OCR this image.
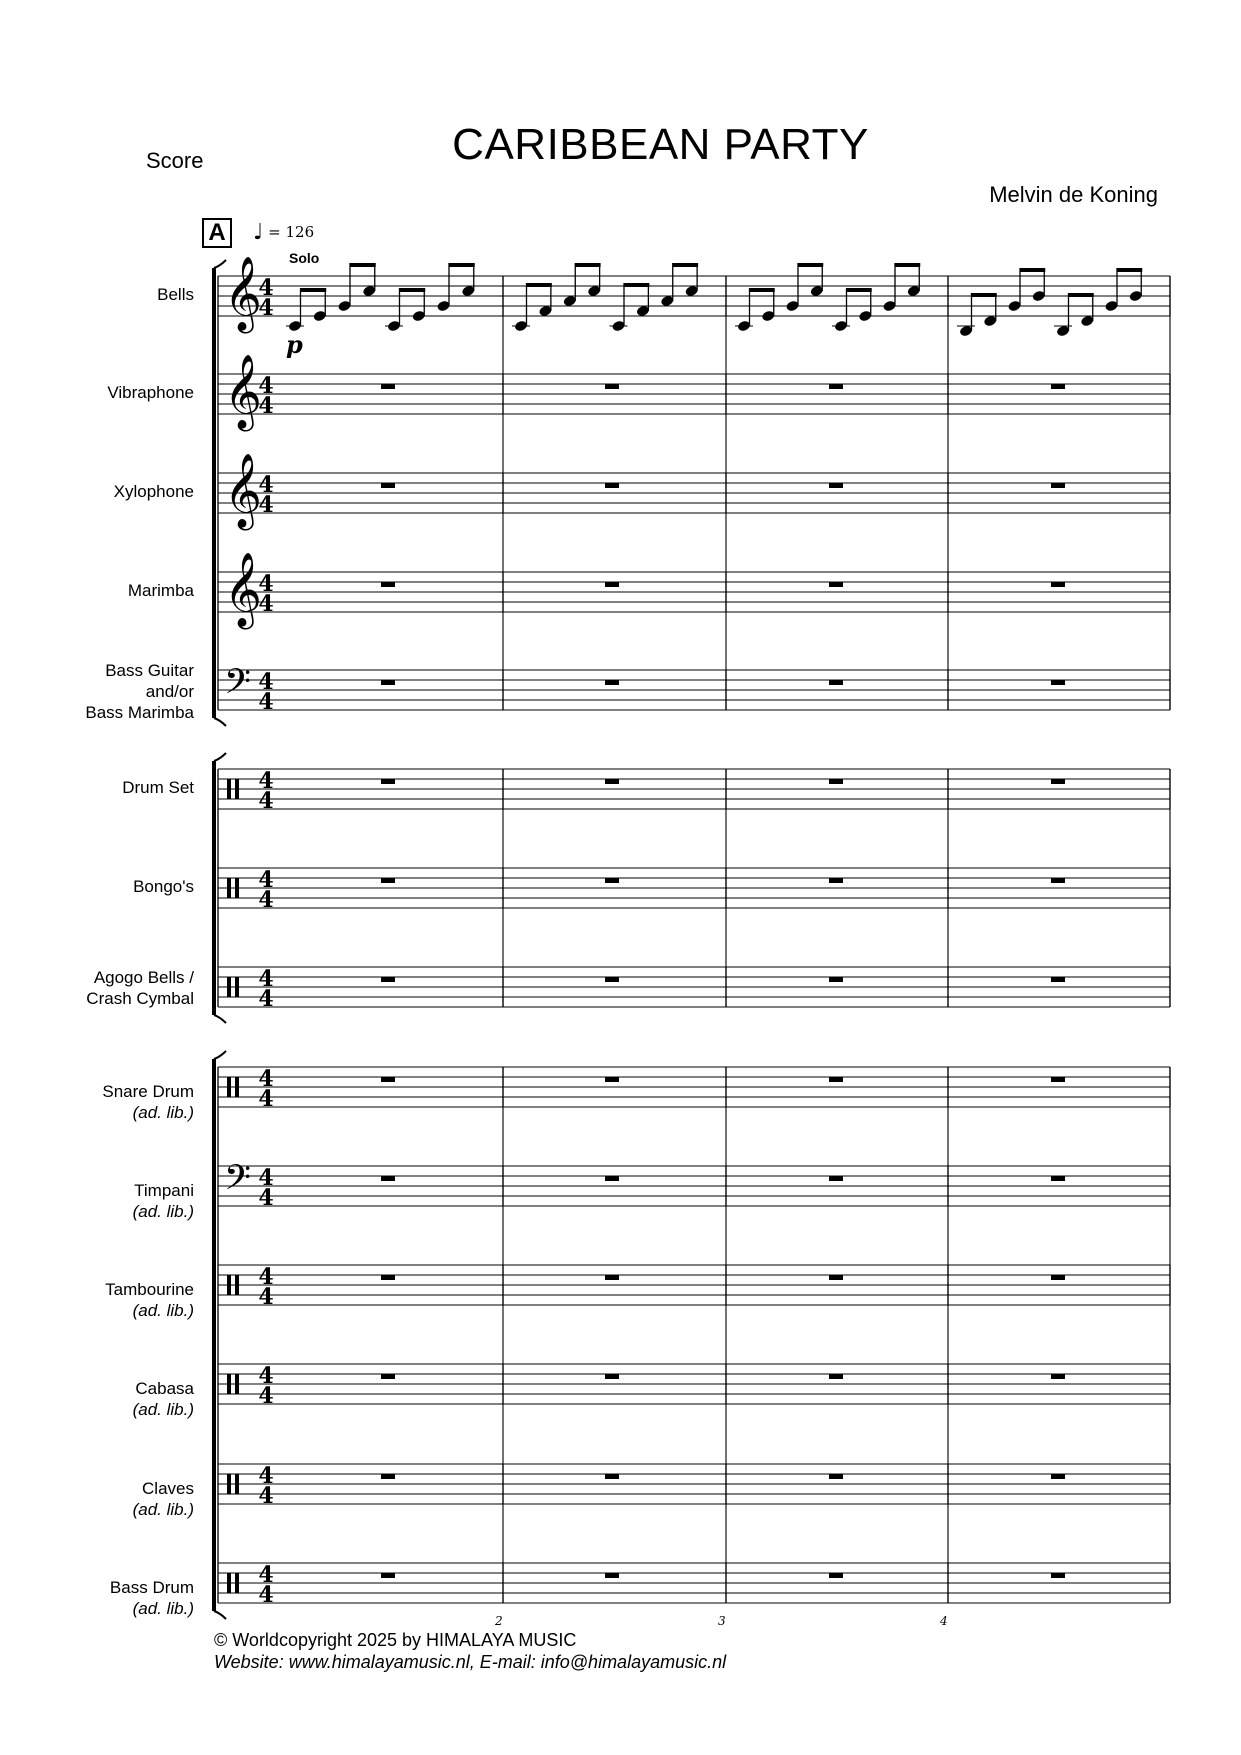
Score	CARIBBEAN PARTY
Melvin de Koning
A ♩ = 126
Solo
p
Bells
Vibraphone
Xylophone
Marimba
Bass Guitar
and/or
Bass Marimba
Drum Set
Bongo's
Agogo Bells /
Crash Cymbal
Snare Drum
(ad. lib.)
Timpani
(ad. lib.)
Tambourine
(ad. lib.)
Cabasa
(ad. lib.)
Claves
(ad. lib.)
Bass Drum
(ad. lib.)
2	3	4
𝄞
4
4
𝄞
4
4
𝄞
4
4
𝄞
4
4
𝄢 4
4
4
4
4
4
4
4
4
4
𝄢 4
4
4
4
4
4
4
4
4
4
© Worldcopyright 2025 by HIMALAYA MUSIC
Website: www.himalayamusic.nl, E-mail: info@himalayamusic.nl
